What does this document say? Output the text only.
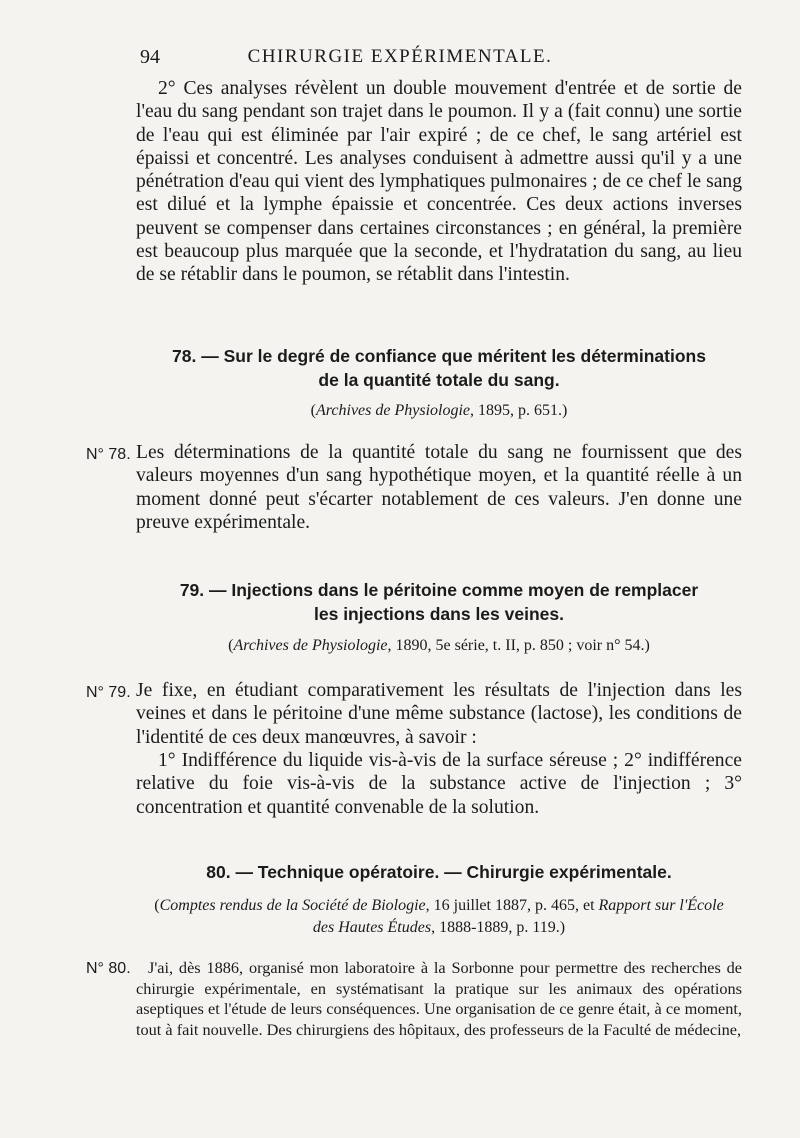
94	CHIRURGIE EXPÉRIMENTALE.

2° Ces analyses révèlent un double mouvement d'entrée et de sortie de l'eau du sang pendant son trajet dans le poumon. Il y a (fait connu) une sortie de l'eau qui est éliminée par l'air expiré ; de ce chef, le sang artériel est épaissi et concentré. Les analyses conduisent à admettre aussi qu'il y a une pénétration d'eau qui vient des lymphatiques pulmonaires ; de ce chef le sang est dilué et la lymphe épaissie et concentrée. Ces deux actions inverses peuvent se compenser dans certaines circonstances ; en général, la première est beaucoup plus marquée que la seconde, et l'hydratation du sang, au lieu de se rétablir dans le poumon, se rétablit dans l'intestin.

78. — Sur le degré de confiance que méritent les déterminations
de la quantité totale du sang.
(Archives de Physiologie, 1895, p. 651.)
N° 78. Les déterminations de la quantité totale du sang ne fournissent que des valeurs moyennes d'un sang hypothétique moyen, et la quantité réelle à un moment donné peut s'écarter notablement de ces valeurs. J'en donne une preuve expérimentale.

79. — Injections dans le péritoine comme moyen de remplacer
les injections dans les veines.
(Archives de Physiologie, 1890, 5e série, t. II, p. 850 ; voir n° 54.)
N° 79. Je fixe, en étudiant comparativement les résultats de l'injection dans les veines et dans le péritoine d'une même substance (lactose), les conditions de l'identité de ces deux manœuvres, à savoir :

1° Indifférence du liquide vis-à-vis de la surface séreuse ; 2° indifférence relative du foie vis-à-vis de la substance active de l'injection ; 3° concentration et quantité convenable de la solution.

80. — Technique opératoire. — Chirurgie expérimentale.
(Comptes rendus de la Société de Biologie, 16 juillet 1887, p. 465, et Rapport sur l'École
des Hautes Études, 1888-1889, p. 119.)
N° 80.	J'ai, dès 1886, organisé mon laboratoire à la Sorbonne pour permettre des recherches de chirurgie expérimentale, en systématisant la pratique sur les animaux des opérations aseptiques et l'étude de leurs conséquences. Une organisation de ce genre était, à ce moment, tout à fait nouvelle. Des chirurgiens des hôpitaux, des professeurs de la Faculté de médecine,
